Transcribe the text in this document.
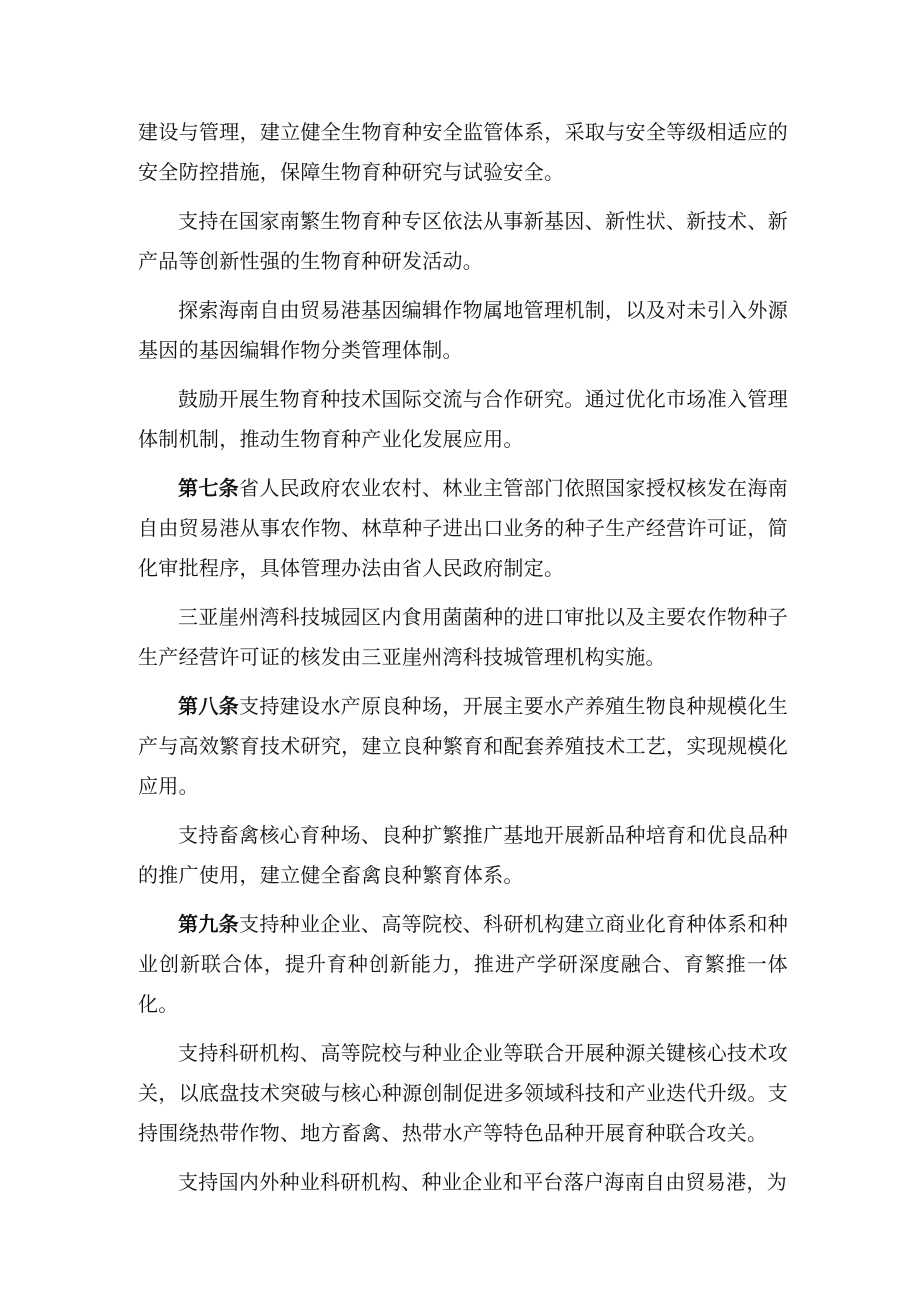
建设与管理，建立健全生物育种安全监管体系，采取与安全等级相适应的安全防控措施，保障生物育种研究与试验安全。

支持在国家南繁生物育种专区依法从事新基因、新性状、新技术、新产品等创新性强的生物育种研发活动。

探索海南自由贸易港基因编辑作物属地管理机制，以及对未引入外源基因的基因编辑作物分类管理体制。

鼓励开展生物育种技术国际交流与合作研究。通过优化市场准入管理体制机制，推动生物育种产业化发展应用。

第七条省人民政府农业农村、林业主管部门依照国家授权核发在海南自由贸易港从事农作物、林草种子进出口业务的种子生产经营许可证，简化审批程序，具体管理办法由省人民政府制定。

三亚崖州湾科技城园区内食用菌菌种的进口审批以及主要农作物种子生产经营许可证的核发由三亚崖州湾科技城管理机构实施。

第八条支持建设水产原良种场，开展主要水产养殖生物良种规模化生产与高效繁育技术研究，建立良种繁育和配套养殖技术工艺，实现规模化应用。

支持畜禽核心育种场、良种扩繁推广基地开展新品种培育和优良品种的推广使用，建立健全畜禽良种繁育体系。

第九条支持种业企业、高等院校、科研机构建立商业化育种体系和种业创新联合体，提升育种创新能力，推进产学研深度融合、育繁推一体化。

支持科研机构、高等院校与种业企业等联合开展种源关键核心技术攻关，以底盘技术突破与核心种源创制促进多领域科技和产业迭代升级。支持围绕热带作物、地方畜禽、热带水产等特色品种开展育种联合攻关。

支持国内外种业科研机构、种业企业和平台落户海南自由贸易港，为
